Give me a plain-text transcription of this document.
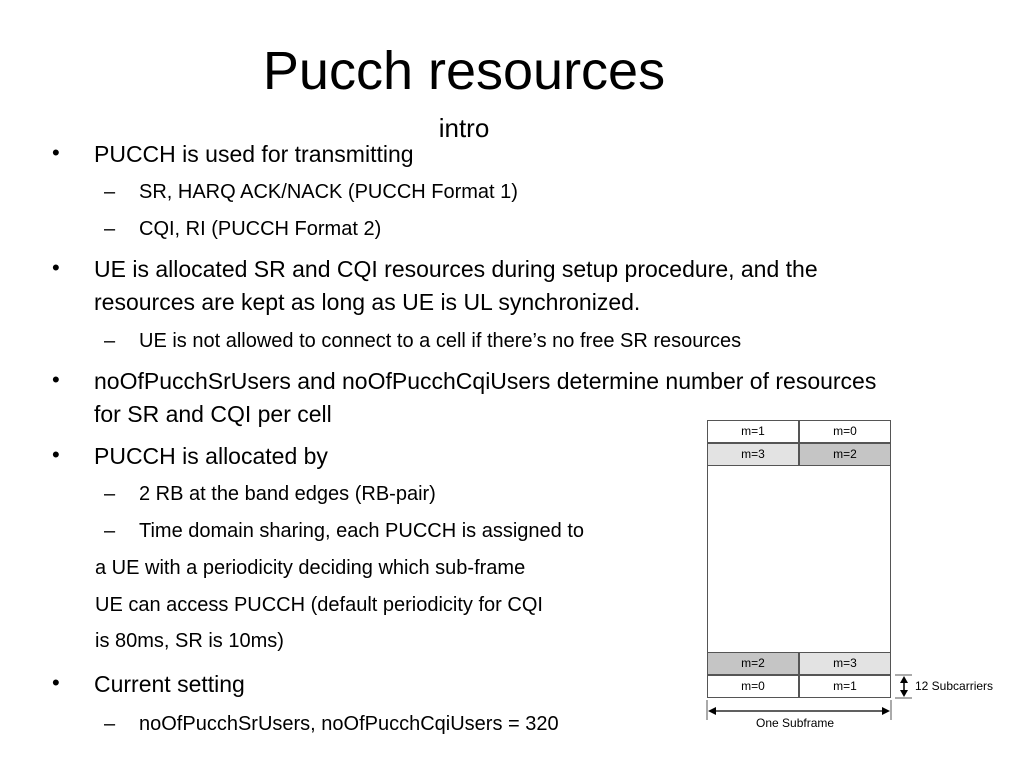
Pucch resources
intro
• PUCCH is used for transmitting
– SR, HARQ ACK/NACK (PUCCH Format 1)
– CQI, RI (PUCCH Format 2)
• UE is allocated SR and CQI resources during setup procedure, and the
resources are kept as long as UE is UL synchronized.
– UE is not allowed to connect to a cell if there’s no free SR resources
• noOfPucchSrUsers and noOfPucchCqiUsers determine number of resources
for SR and CQI per cell
• PUCCH is allocated by
– 2 RB at the band edges (RB-pair)
– Time domain sharing, each PUCCH is assigned to
a UE with a periodicity deciding which sub-frame
UE can access PUCCH (default periodicity for CQI
is 80ms, SR is 10ms)
• Current setting
– noOfPucchSrUsers, noOfPucchCqiUsers = 320
m=1	m=0
m=3	m=2
m=2	m=3
m=0	m=1	12 Subcarriers
One Subframe
